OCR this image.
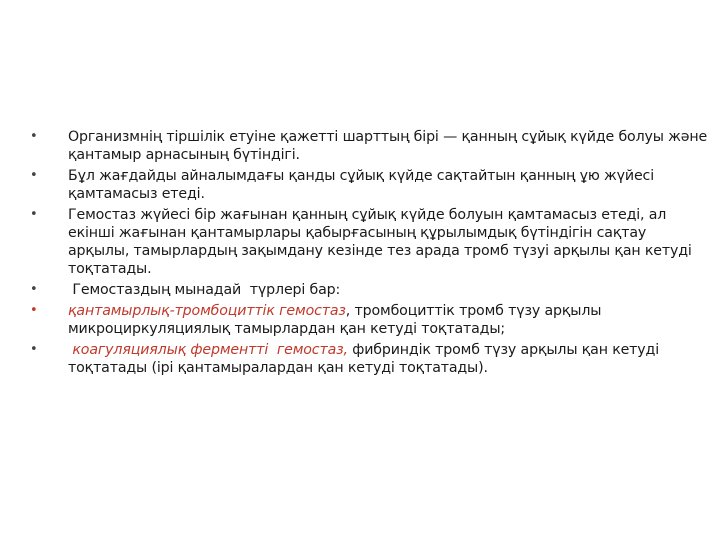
• Организмнің тіршілік етуіне қажетті шарттың бірі — қанның сұйық күйде болуы және қантамыр арнасының бүтіндігі.
• Бұл жағдайды айналымдағы қанды сұйық күйде сақтайтын қанның ұю жүйесі қамтамасыз етеді.
• Гемостаз жүйесі бір жағынан қанның сұйық күйде болуын қамтамасыз етеді, ал екінші жағынан қантамырлары қабырғасының құрылымдық бүтіндігін сақтау арқылы, тамырлардың зақымдану кезінде тез арада тромб түзуі арқылы қан кетуді тоқтатады.
• Гемостаздың мынадай  түрлері бар:
• қантамырлық-тромбоциттік гемостаз, тромбоциттік тромб түзу арқылы микроциркуляциялық тамырлардан қан кетуді тоқтатады;
• коагуляциялық ферментті  гемостаз, фибриндік тромб түзу арқылы қан кетуді тоқтатады (ірі қантамыралардан қан кетуді тоқтатады).
